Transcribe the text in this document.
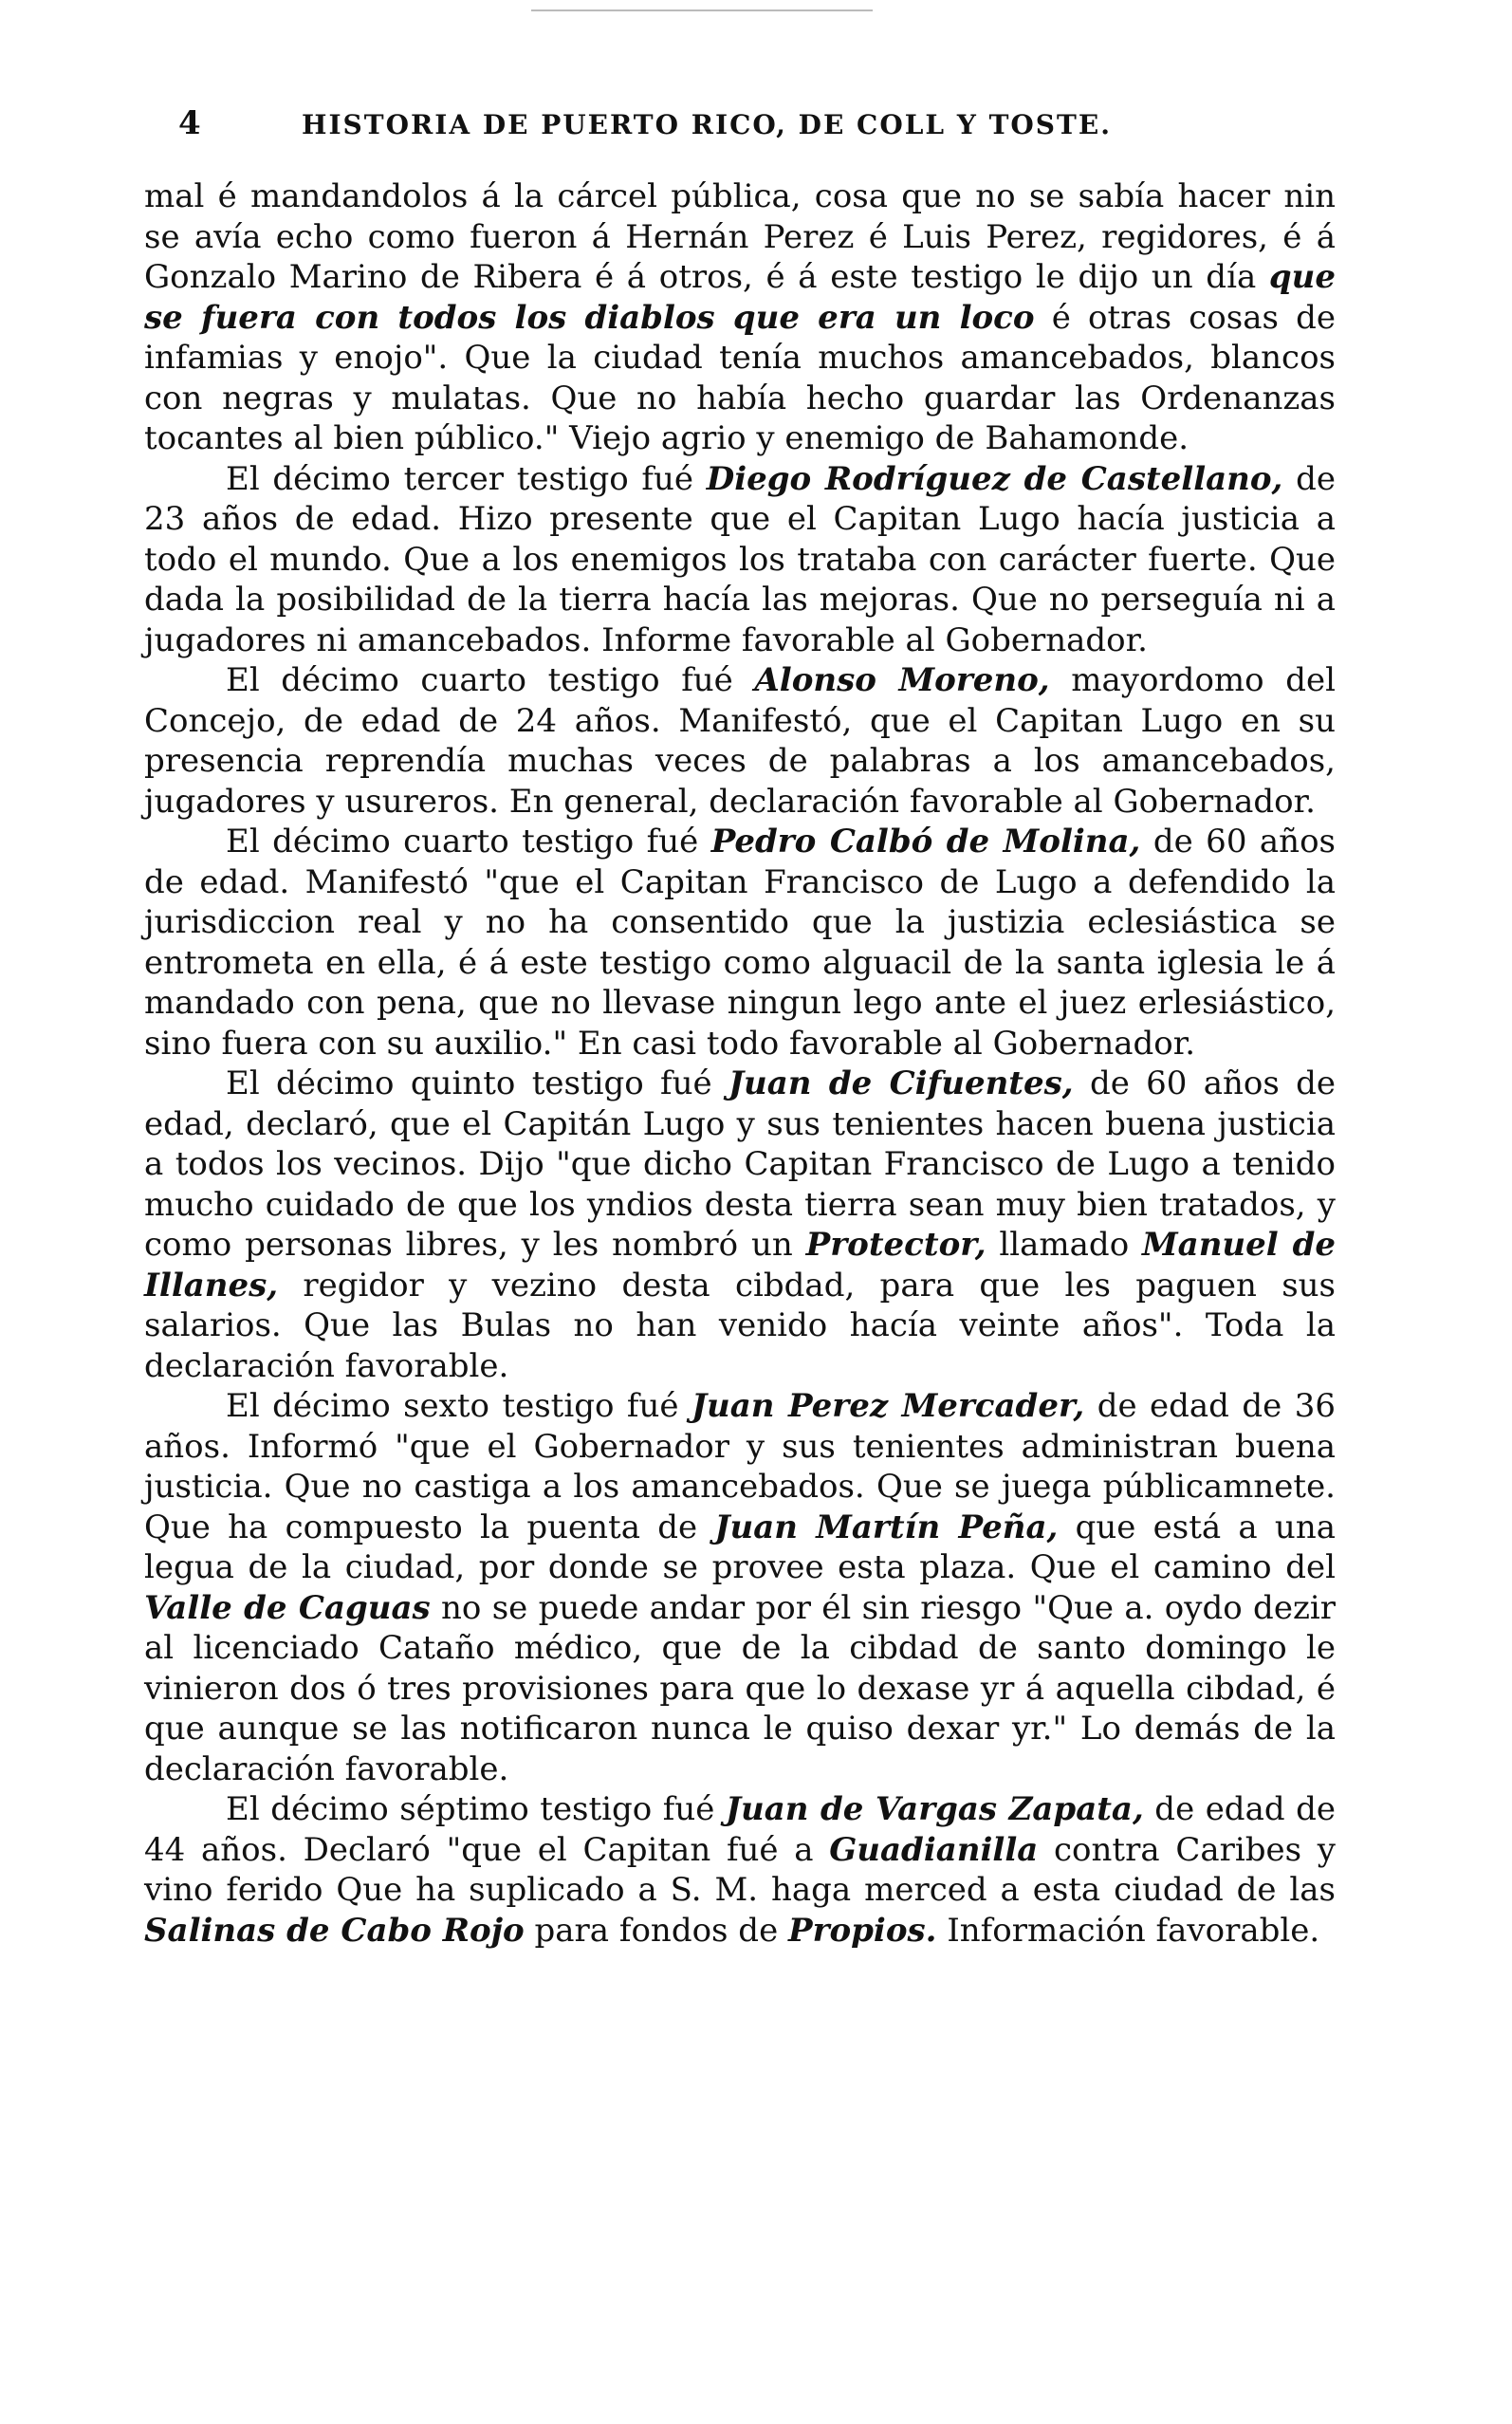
4	HISTORIA DE PUERTO RICO, DE COLL Y TOSTE.

mal é mandandolos á la cárcel pública, cosa que no se sabía hacer nin se avía echo como fueron á Hernán Perez é Luis Perez, regidores, é á Gonzalo Marino de Ribera é á otros, é á este testigo le dijo un día que se fuera con todos los diablos que era un loco é otras cosas de infamias y enojo". Que la ciudad tenía muchos amancebados, blancos con negras y mulatas. Que no había hecho guardar las Ordenanzas tocantes al bien público." Viejo agrio y enemigo de Bahamonde.

El décimo tercer testigo fué Diego Rodríguez de Castellano, de 23 años de edad. Hizo presente que el Capitan Lugo hacía justicia a todo el mundo. Que a los enemigos los trataba con carácter fuerte. Que dada la posibilidad de la tierra hacía las mejoras. Que no perseguía ni a jugadores ni amancebados. Informe favorable al Gobernador.

El décimo cuarto testigo fué Alonso Moreno, mayordomo del Concejo, de edad de 24 años. Manifestó, que el Capitan Lugo en su presencia reprendía muchas veces de palabras a los amancebados, jugadores y usureros. En general, declaración favorable al Gobernador.

El décimo cuarto testigo fué Pedro Calbó de Molina, de 60 años de edad. Manifestó "que el Capitan Francisco de Lugo a defendido la jurisdiccion real y no ha consentido que la justizia eclesiástica se entrometa en ella, é á este testigo como alguacil de la santa iglesia le á mandado con pena, que no llevase ningun lego ante el juez erlesiástico, sino fuera con su auxilio." En casi todo favorable al Gobernador.

El décimo quinto testigo fué Juan de Cifuentes, de 60 años de edad, declaró, que el Capitán Lugo y sus tenientes hacen buena justicia a todos los vecinos. Dijo "que dicho Capitan Francisco de Lugo a tenido mucho cuidado de que los yndios desta tierra sean muy bien tratados, y como personas libres, y les nombró un Protector, llamado Manuel de Illanes, regidor y vezino desta cibdad, para que les paguen sus salarios. Que las Bulas no han venido hacía veinte años". Toda la declaración favorable.

El décimo sexto testigo fué Juan Perez Mercader, de edad de 36 años. Informó "que el Gobernador y sus tenientes administran buena justicia. Que no castiga a los amancebados. Que se juega públicamnete. Que ha compuesto la puenta de Juan Martín Peña, que está a una legua de la ciudad, por donde se provee esta plaza. Que el camino del Valle de Caguas no se puede andar por él sin riesgo "Que a. oydo dezir al licenciado Cataño médico, que de la cibdad de santo domingo le vinieron dos ó tres provisiones para que lo dexase yr á aquella cibdad, é que aunque se las notificaron nunca le quiso dexar yr." Lo demás de la declaración favorable.

El décimo séptimo testigo fué Juan de Vargas Zapata, de edad de 44 años. Declaró "que el Capitan fué a Guadianilla contra Caribes y vino ferido Que ha suplicado a S. M. haga merced a esta ciudad de las Salinas de Cabo Rojo para fondos de Propios. Información favorable.
